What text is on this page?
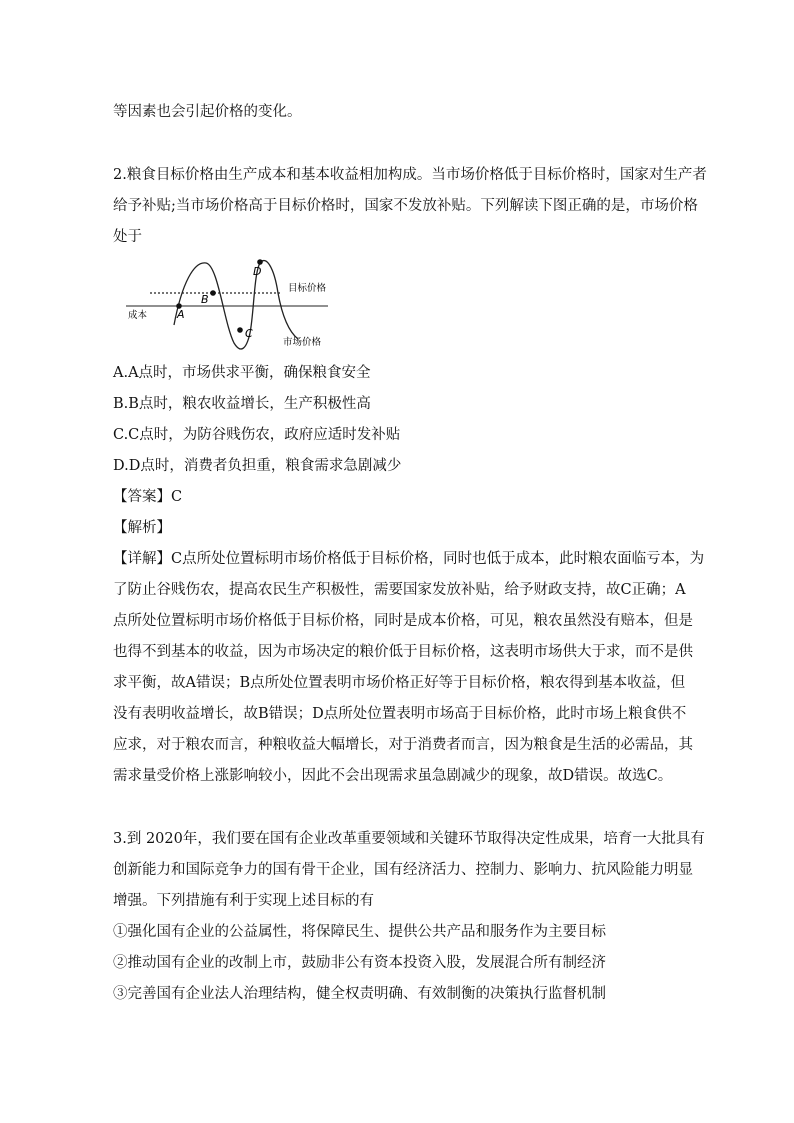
等因素也会引起价格的变化。
2.粮食目标价格由生产成本和基本收益相加构成。当市场价格低于目标价格时，国家对生产者
给予补贴;当市场价格高于目标价格时，国家不发放补贴。下列解读下图正确的是，市场价格
处于
A
B
C
D
目标价格
成本
市场价格
A.A点时，市场供求平衡，确保粮食安全
B.B点时，粮农收益增长，生产积极性高
C.C点时，为防谷贱伤农，政府应适时发补贴
D.D点时，消费者负担重，粮食需求急剧减少
【答案】C
【解析】
【详解】C点所处位置标明市场价格低于目标价格，同时也低于成本，此时粮农面临亏本，为
了防止谷贱伤农，提高农民生产积极性，需要国家发放补贴，给予财政支持，故C正确；A
点所处位置标明市场价格低于目标价格，同时是成本价格，可见，粮农虽然没有赔本，但是
也得不到基本的收益，因为市场决定的粮价低于目标价格，这表明市场供大于求，而不是供
求平衡，故A错误；B点所处位置表明市场价格正好等于目标价格，粮农得到基本收益，但
没有表明收益增长，故B错误；D点所处位置表明市场高于目标价格，此时市场上粮食供不
应求，对于粮农而言，种粮收益大幅增长，对于消费者而言，因为粮食是生活的必需品，其
需求量受价格上涨影响较小，因此不会出现需求虽急剧减少的现象，故D错误。故选C。
3.到 2020年，我们要在国有企业改革重要领域和关键环节取得决定性成果，培育一大批具有
创新能力和国际竞争力的国有骨干企业，国有经济活力、控制力、影响力、抗风险能力明显
增强。下列措施有利于实现上述目标的有
①强化国有企业的公益属性，将保障民生、提供公共产品和服务作为主要目标
②推动国有企业的改制上市，鼓励非公有资本投资入股，发展混合所有制经济
③完善国有企业法人治理结构，健全权责明确、有效制衡的决策执行监督机制
